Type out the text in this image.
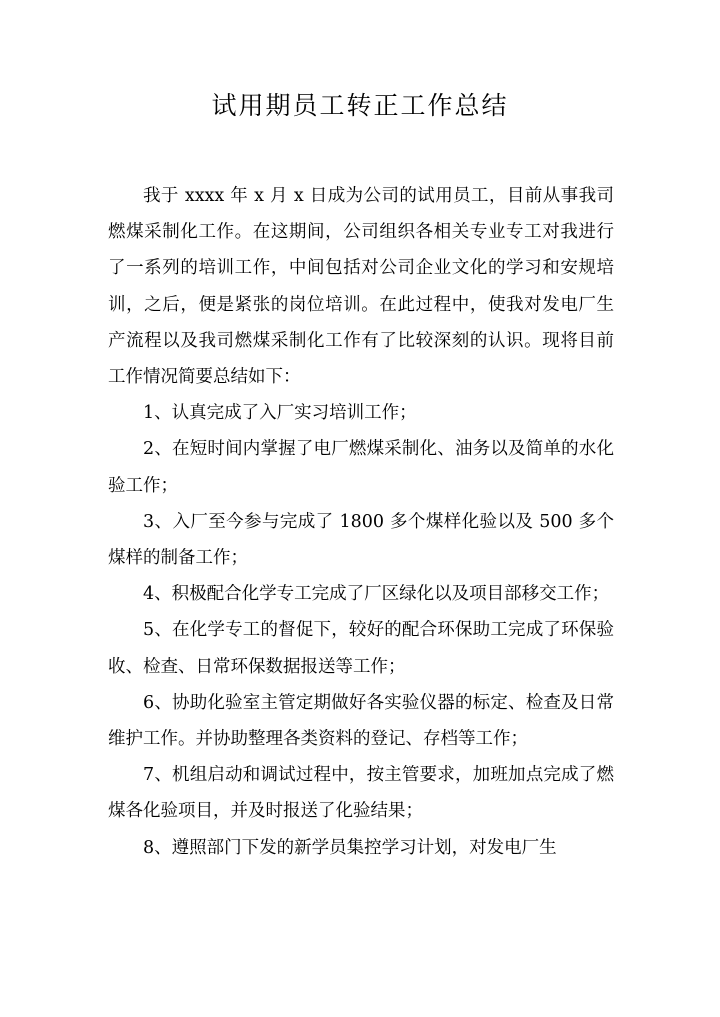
试用期员工转正工作总结

我于 xxxx 年 x 月 x 日成为公司的试用员工，目前从事我司燃煤采制化工作。在这期间，公司组织各相关专业专工对我进行了一系列的培训工作，中间包括对公司企业文化的学习和安规培训，之后，便是紧张的岗位培训。在此过程中，使我对发电厂生产流程以及我司燃煤采制化工作有了比较深刻的认识。现将目前工作情况简要总结如下：

1、认真完成了入厂实习培训工作；

2、在短时间内掌握了电厂燃煤采制化、油务以及简单的水化验工作；

3、入厂至今参与完成了 1800 多个煤样化验以及 500 多个煤样的制备工作；

4、积极配合化学专工完成了厂区绿化以及项目部移交工作；

5、在化学专工的督促下，较好的配合环保助工完成了环保验收、检查、日常环保数据报送等工作；

6、协助化验室主管定期做好各实验仪器的标定、检查及日常维护工作。并协助整理各类资料的登记、存档等工作；

7、机组启动和调试过程中，按主管要求，加班加点完成了燃煤各化验项目，并及时报送了化验结果；

8、遵照部门下发的新学员集控学习计划，对发电厂生
